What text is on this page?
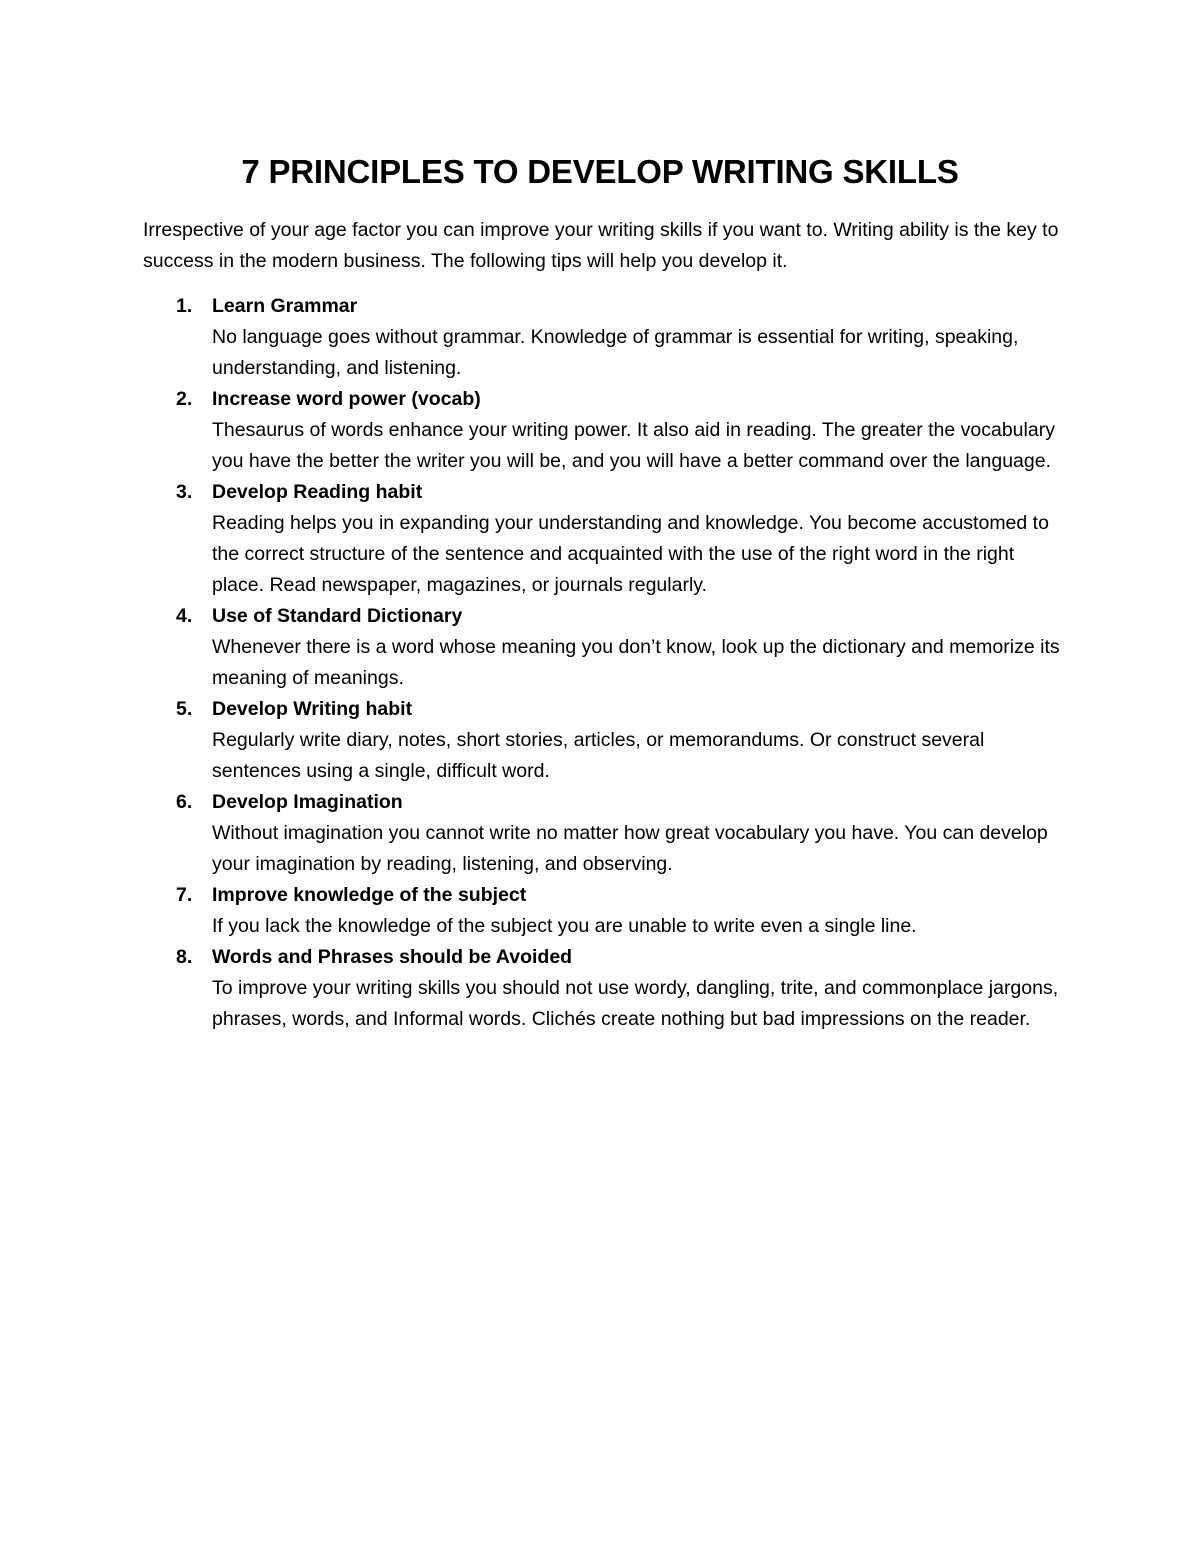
7 PRINCIPLES TO DEVELOP WRITING SKILLS

Irrespective of your age factor you can improve your writing skills if you want to. Writing ability is the key to success in the modern business. The following tips will help you develop it.

1. Learn Grammar
No language goes without grammar. Knowledge of grammar is essential for writing, speaking, understanding, and listening.
2. Increase word power (vocab)
Thesaurus of words enhance your writing power. It also aid in reading. The greater the vocabulary you have the better the writer you will be, and you will have a better command over the language.
3. Develop Reading habit
Reading helps you in expanding your understanding and knowledge. You become accustomed to the correct structure of the sentence and acquainted with the use of the right word in the right place. Read newspaper, magazines, or journals regularly.
4. Use of Standard Dictionary
Whenever there is a word whose meaning you don’t know, look up the dictionary and memorize its meaning of meanings.
5. Develop Writing habit
Regularly write diary, notes, short stories, articles, or memorandums. Or construct several sentences using a single, difficult word.
6. Develop Imagination
Without imagination you cannot write no matter how great vocabulary you have. You can develop your imagination by reading, listening, and observing.
7. Improve knowledge of the subject
If you lack the knowledge of the subject you are unable to write even a single line.
8. Words and Phrases should be Avoided
To improve your writing skills you should not use wordy, dangling, trite, and commonplace jargons, phrases, words, and Informal words. Clichés create nothing but bad impressions on the reader.
